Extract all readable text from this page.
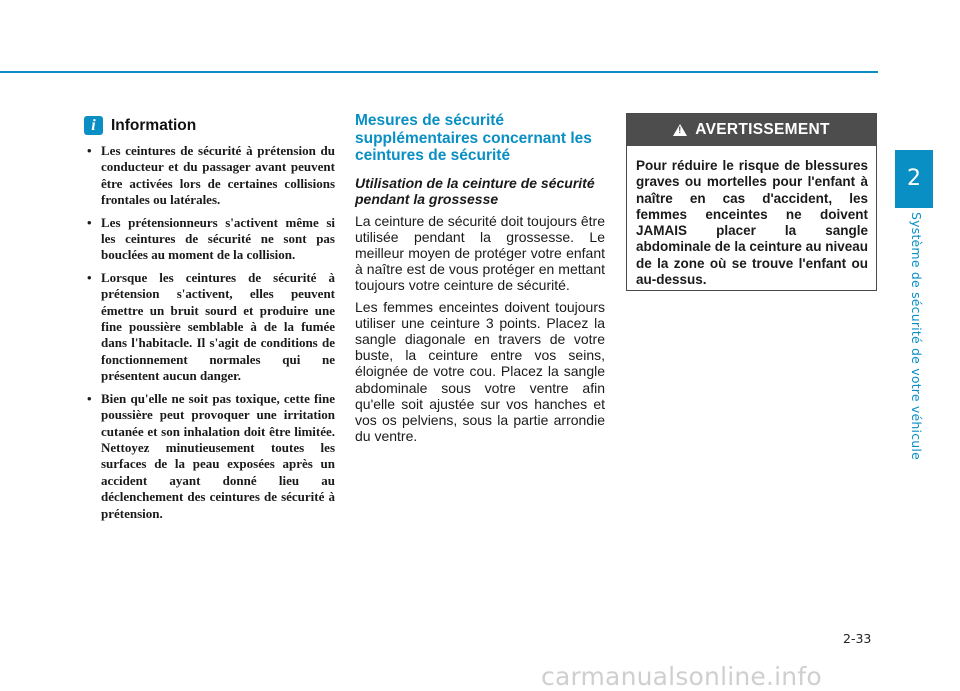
2
Système de sécurité de votre véhicule
i Information
• Les ceintures de sécurité à prétension du conducteur et du passager avant peuvent être activées lors de certaines collisions frontales ou latérales.
• Les prétensionneurs s'activent même si les ceintures de sécurité ne sont pas bouclées au moment de la collision.
• Lorsque les ceintures de sécurité à prétension s'activent, elles peuvent émettre un bruit sourd et produire une fine poussière semblable à de la fumée dans l'habitacle. Il s'agit de conditions de fonctionnement normales qui ne présentent aucun danger.
• Bien qu'elle ne soit pas toxique, cette fine poussière peut provoquer une irritation cutanée et son inhalation doit être limitée. Nettoyez minutieusement toutes les surfaces de la peau exposées après un accident ayant donné lieu au déclenchement des ceintures de sécurité à prétension.
Mesures de sécurité supplémentaires concernant les ceintures de sécurité
Utilisation de la ceinture de sécurité pendant la grossesse

La ceinture de sécurité doit toujours être utilisée pendant la grossesse. Le meilleur moyen de protéger votre enfant à naître est de vous protéger en mettant toujours votre ceinture de sécurité.

Les femmes enceintes doivent toujours utiliser une ceinture 3 points. Placez la sangle diagonale en travers de votre buste, la ceinture entre vos seins, éloignée de votre cou. Placez la sangle abdominale sous votre ventre afin qu'elle soit ajustée sur vos hanches et vos os pelviens, sous la partie arrondie du ventre.

!
AVERTISSEMENT
Pour réduire le risque de blessures graves ou mortelles pour l'enfant à naître en cas d'accident, les femmes enceintes ne doivent JAMAIS placer la sangle abdominale de la ceinture au niveau de la zone où se trouve l'enfant ou au-dessus.
2-33
carmanualsonline.info
